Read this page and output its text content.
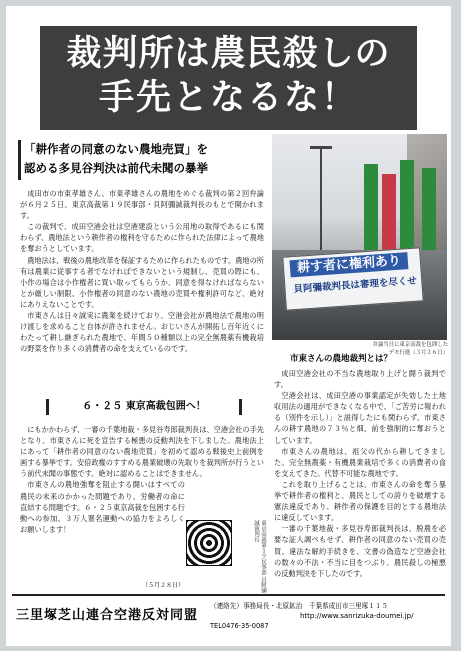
裁判所は農民殺しの
手先となるな！
「耕作者の同意のない農地売買」を
認める多見谷判決は前代未聞の暴挙

成田市の市東孝雄さん、市東孝雄さんの農地をめぐる裁判の第２回弁論が６月２５日、東京高裁第１９民事部・貝阿彌誠裁判長のもとで開かれます。

この裁判で、成田空港会社は空港建設という公用地の取得であるにも関わらず、農地法という耕作者の権利を守るために作られた法律によって農地を奪おうとしています。

農地法は、戦後の農地改革を保証するために作られたものです。農地の所有は農業に従事する者でなければできないという規制し、売買の際にも、小作の場合は小作権者に買い取ってもらうか、同意を得なければならないとか厳しい制限、小作権者の同意のない農地の売買や権利許可など、絶対にありえないことです。

市東さんは日々誠実に農業を続けており、空港会社が農地法で農地の明け渡しを求めること自体が許されません。おじいさんが開拓し百年近くにわたって耕し継ぎられた農地で、年間５０種類以上の完全無農薬有機栽培の野菜を作り多くの消費者の命を支えているのです。

耕す者に権利あり
貝阿彌裁判長は審理を尽くせ
弁論当日に東京高裁を包囲した
デモ行進（３月２６日）
６・２５ 東京高裁包囲へ！

にもかかわらず、一審の千葉地裁・多見谷寿郎裁判長は、空港会社の手先となり、市東さんに死を宣告する極悪の反動判決を下しました。農地法上にあって「耕作者の同意のない農地売買」を初めて認める戦後史上前例を画する暴挙です。安倍政権のすすめる農業破壊の先取りを裁判所が行うという前代未聞の事態です。絶対に認めることはできません。

市東さんの農地強奪を阻止する闘いはすべての農民の未来のかかった問題であり、労働者の命に直結する問題です。６・２５東京高裁を包囲する行動への参加、３万人署名運動への協力をよろしくお願いします！	東京高裁第１９民事部 貝阿彌誠裁判長
（５月２８日）
市東さんの農地裁判とは？

成田空港会社の不当な農地取り上げと闘う裁判です。

空港会社は、成田空港の事業認定が失効した土地収用法の適用ができなくなる中で、「ご苦労に報われる（別件を示し）」と説得したにも関わらず、市東さんの耕す農地の７３％と畑、前を強制的に奪おうとしています。

市東さんの農地は、祖父の代から耕してきました。完全無農薬・有機農業栽培で多くの消費者の食を支えてきた。代替不可能な農地です。

これを取り上げることは、市東さんの命を奪う暴挙で耕作者の権利と、農民としての誇りを破壊する憲法違反であり、耕作者の保護を目的とする農地法に違反しています。

一審の千葉地裁・多見谷寿郎裁判長は、脱農を必要な証人調べもせず、耕作者の同意のない売買の売買、違法な解約手続きを、文書の偽造など空港会社の数々の不法・不当に目をつぶり、農民殺しの極悪の反動判決を下したのです。

三里塚芝山連合空港反対同盟
（連絡先）事務局長・北原鉱治　千葉県成田市三里塚１１５
http://www.sanrizuka-doumei.jp/
TEL0476-35-0087
